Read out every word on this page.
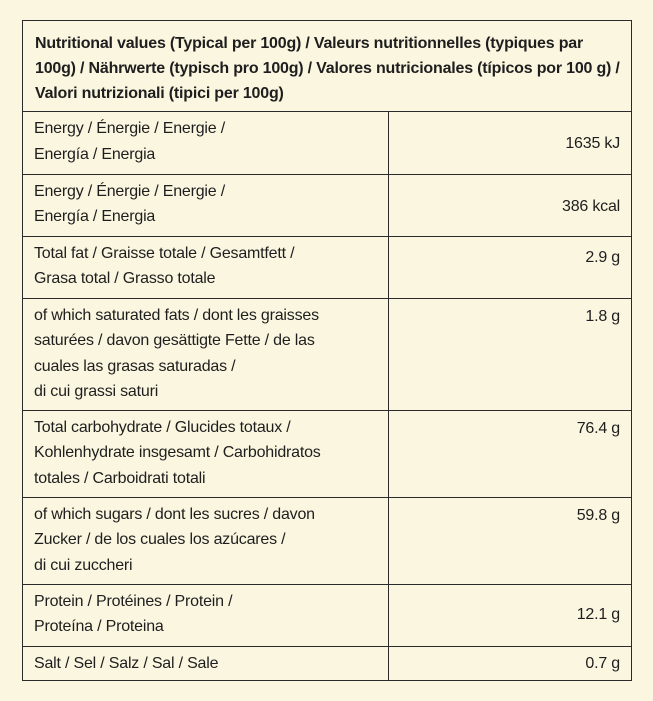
Nutritional values (Typical per 100g) / Valeurs nutritionnelles (typiques par 100g) / Nährwerte (typisch pro 100g) / Valores nutricionales (típicos por 100 g) / Valori nutrizionali (tipici per 100g)
Energy / Énergie / Energie /
Energía / Energia	1635 kJ

Energy / Énergie / Energie /
Energía / Energia	386 kcal

Total fat / Graisse totale / Gesamtfett /
Grasa total / Grasso totale	2.9 g

of which saturated fats / dont les graisses
saturées / davon gesättigte Fette / de las
cuales las grasas saturadas /
di cui grassi saturi	1.8 g

Total carbohydrate / Glucides totaux /
Kohlenhydrate insgesamt / Carbohidratos
totales / Carboidrati totali	76.4 g

of which sugars / dont les sucres / davon
Zucker / de los cuales los azúcares /
di cui zuccheri	59.8 g

Protein / Protéines / Protein /
Proteína / Proteina	12.1 g

Salt / Sel / Salz / Sal / Sale	0.7 g
